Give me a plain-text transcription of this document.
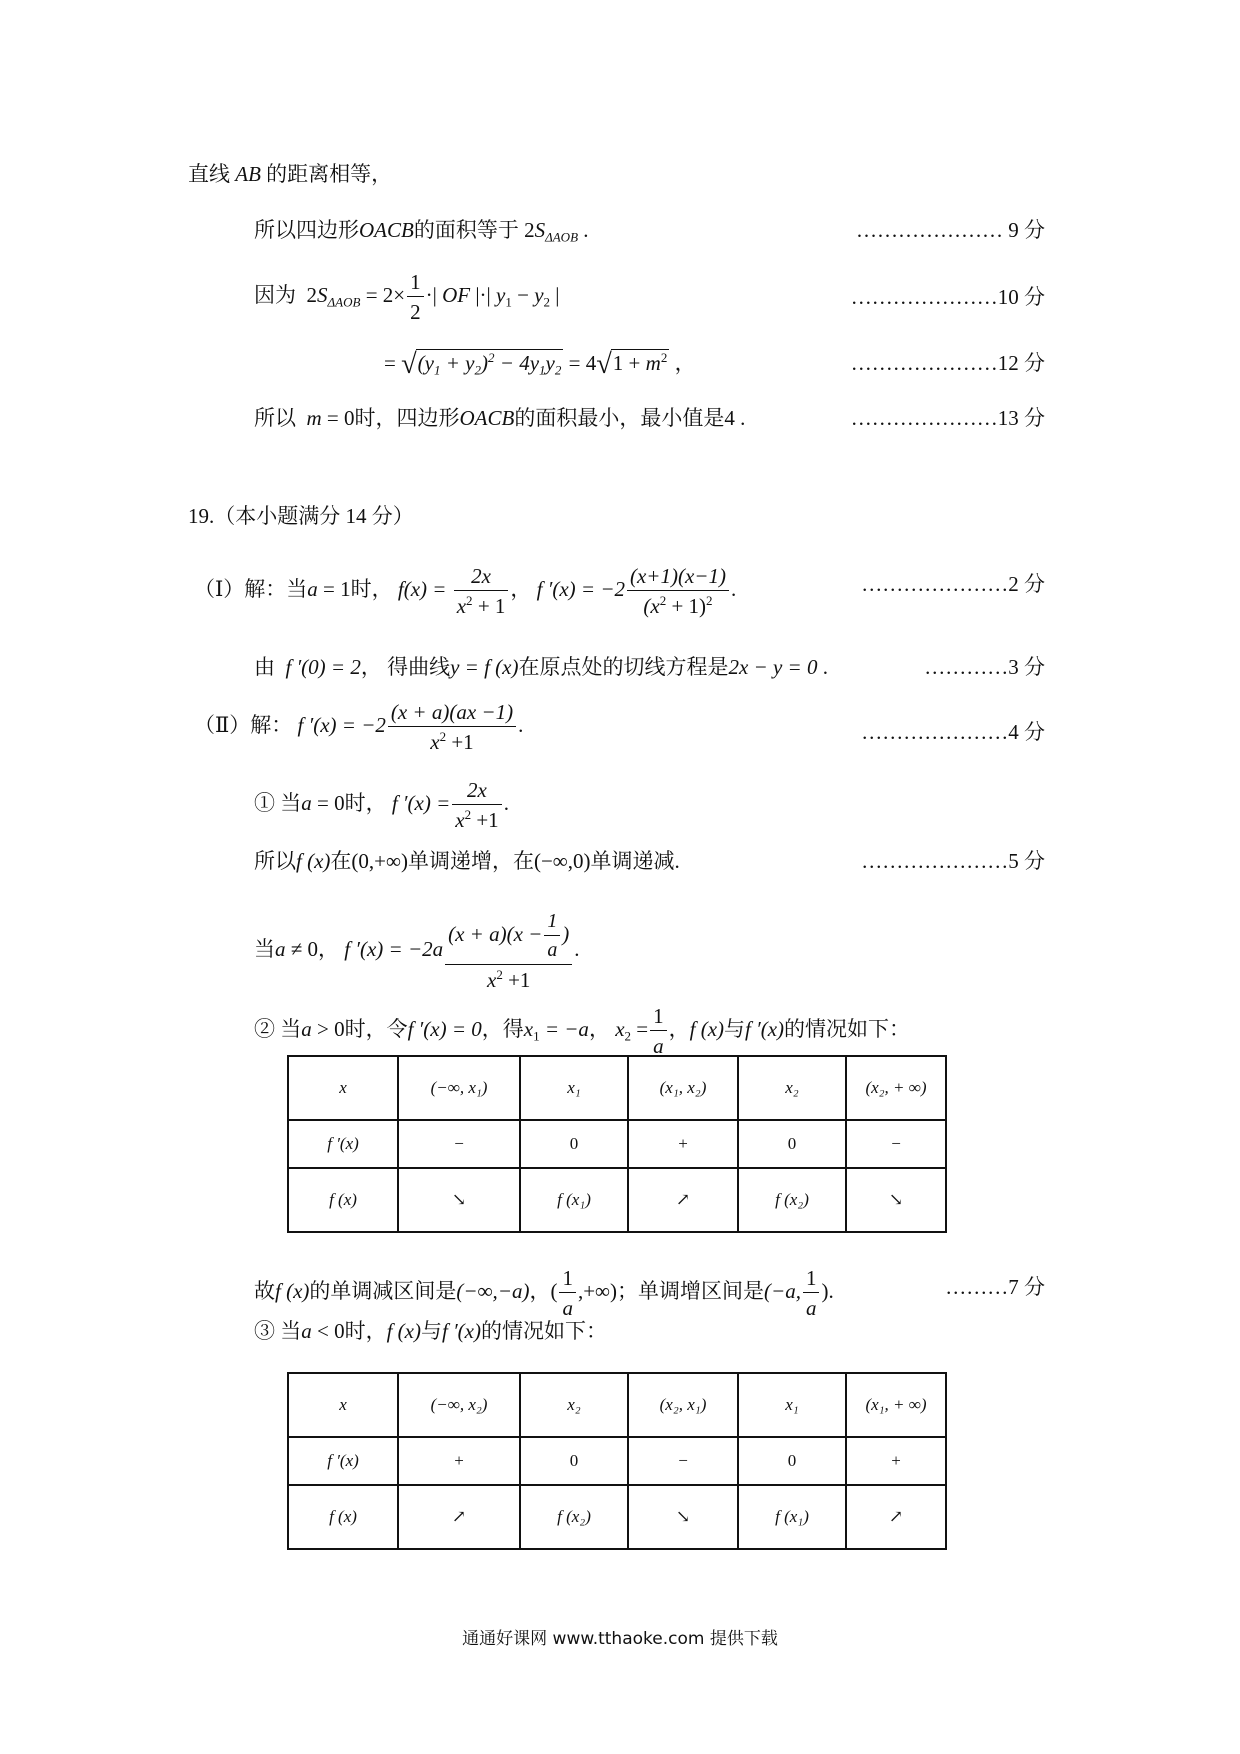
直线 AB 的距离相等，
所以四边形OACB的面积等于 $2S_{\Delta AOB}$ .	………………… 9 分
因为 $2S_{\Delta AOB} = 2\times \frac{1}{2}$ ·| OF |·| $y_1 - y_2$ |	…………………10 分
= $√(y_1 + y_2)^2 - 4y_1y_2 = 4√1 + m^2$ ，	…………………12 分
所以 m = 0时，四边形OACB的面积最小，最小值是4 .	…………………13 分
19.（本小题满分 14 分）
（Ⅰ）解：当a = 1时， $f(x) = \frac{2x}{x^2 + 1}$ ， f $'(x) = -2 \frac{(x+1)(x-1)}{(x^2 + 1)^2}$ .	…………………2 分
由 f ′(0) = 2， 得曲线y = f (x)在原点处的切线方程是2x − y = 0 .	…………3 分
（Ⅱ）解： f $'(x) = -2 \frac{(x + a)(ax -1)}{x^2 +1}$ .	…………………4 分
① 当a = 0时， f $'(x) = \frac{2x}{x^2 +1}$ .
所以f (x)在(0,+∞)单调递增，在(−∞,0)单调递减.	…………………5 分
当a ≠ 0， f $'(x) = -2a \frac{(x + a)(x - \frac{1}{a} )}{x^2 +1}$ .
② 当a > 0时，令f ′(x) = 0，得$x_1 = -a$， $x_2 = \frac{1}{a}$ ，f (x)与f ′(x)的情况如下：
x	(−∞, x₁)	x₁	(x₁, x₂)	x₂	(x₂, + ∞)
f ′(x)	−	0	+	0	−
f (x)	↘	f (x₁)	↗	f (x₂)	↘
故f (x)的单调减区间是(−∞,−a)，( $\frac{1}{a}$ ,+∞)；单调增区间是(−a, $\frac{1}{a}$ ).	………7 分
③ 当a < 0时，f (x)与f ′(x)的情况如下：
x	(−∞, x₂)	x₂	(x₂, x₁)	x₁	(x₁, + ∞)
f ′(x)	+	0	−	0	+
f (x)	↗	f (x₂)	↘	f (x₁)	↗
通通好课网 www.tthaoke.com 提供下载
